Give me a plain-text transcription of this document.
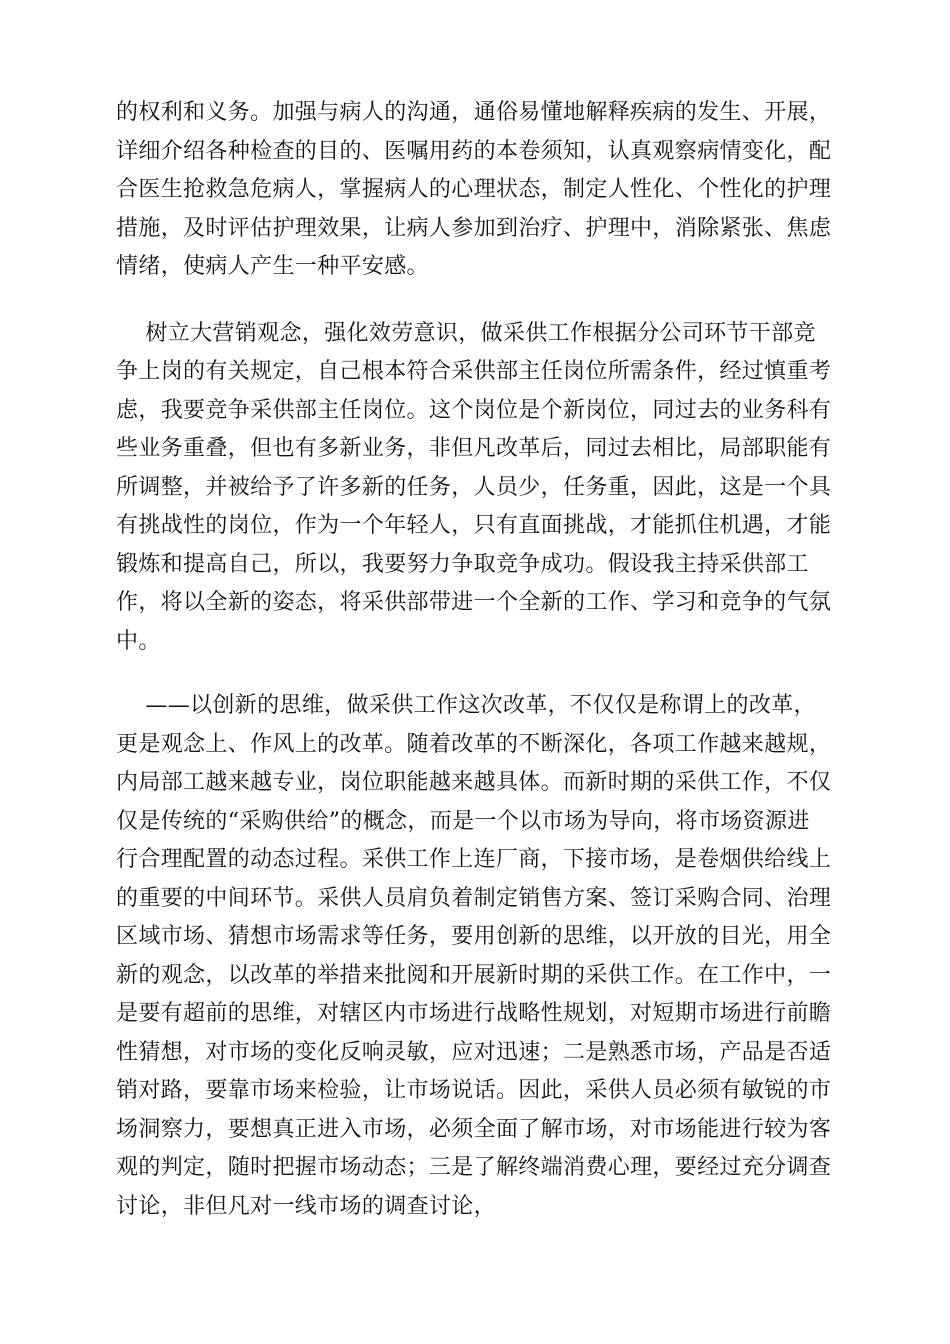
的权利和义务。加强与病人的沟通，通俗易懂地解释疾病的发生、开展，
详细介绍各种检查的目的、医嘱用药的本卷须知，认真观察病情变化，配
合医生抢救急危病人，掌握病人的心理状态，制定人性化、个性化的护理
措施，及时评估护理效果，让病人参加到治疗、护理中，消除紧张、焦虑
情绪，使病人产生一种平安感。
树立大营销观念，强化效劳意识，做采供工作根据分公司环节干部竞
争上岗的有关规定，自己根本符合采供部主任岗位所需条件，经过慎重考
虑，我要竞争采供部主任岗位。这个岗位是个新岗位，同过去的业务科有
些业务重叠，但也有多新业务，非但凡改革后，同过去相比，局部职能有
所调整，并被给予了许多新的任务，人员少，任务重，因此，这是一个具
有挑战性的岗位，作为一个年轻人，只有直面挑战，才能抓住机遇，才能
锻炼和提高自己，所以，我要努力争取竞争成功。假设我主持采供部工
作，将以全新的姿态，将采供部带进一个全新的工作、学习和竞争的气氛
中。
——以创新的思维，做采供工作这次改革，不仅仅是称谓上的改革，
更是观念上、作风上的改革。随着改革的不断深化，各项工作越来越规，
内局部工越来越专业，岗位职能越来越具体。而新时期的采供工作，不仅
仅是传统的“采购供给”的概念，而是一个以市场为导向，将市场资源进
行合理配置的动态过程。采供工作上连厂商，下接市场，是卷烟供给线上
的重要的中间环节。采供人员肩负着制定销售方案、签订采购合同、治理
区域市场、猜想市场需求等任务，要用创新的思维，以开放的目光，用全
新的观念，以改革的举措来批阅和开展新时期的采供工作。在工作中，一
是要有超前的思维，对辖区内市场进行战略性规划，对短期市场进行前瞻
性猜想，对市场的变化反响灵敏，应对迅速；二是熟悉市场，产品是否适
销对路，要靠市场来检验，让市场说话。因此，采供人员必须有敏锐的市
场洞察力，要想真正进入市场，必须全面了解市场，对市场能进行较为客
观的判定，随时把握市场动态；三是了解终端消费心理，要经过充分调查
讨论，非但凡对一线市场的调查讨论，
